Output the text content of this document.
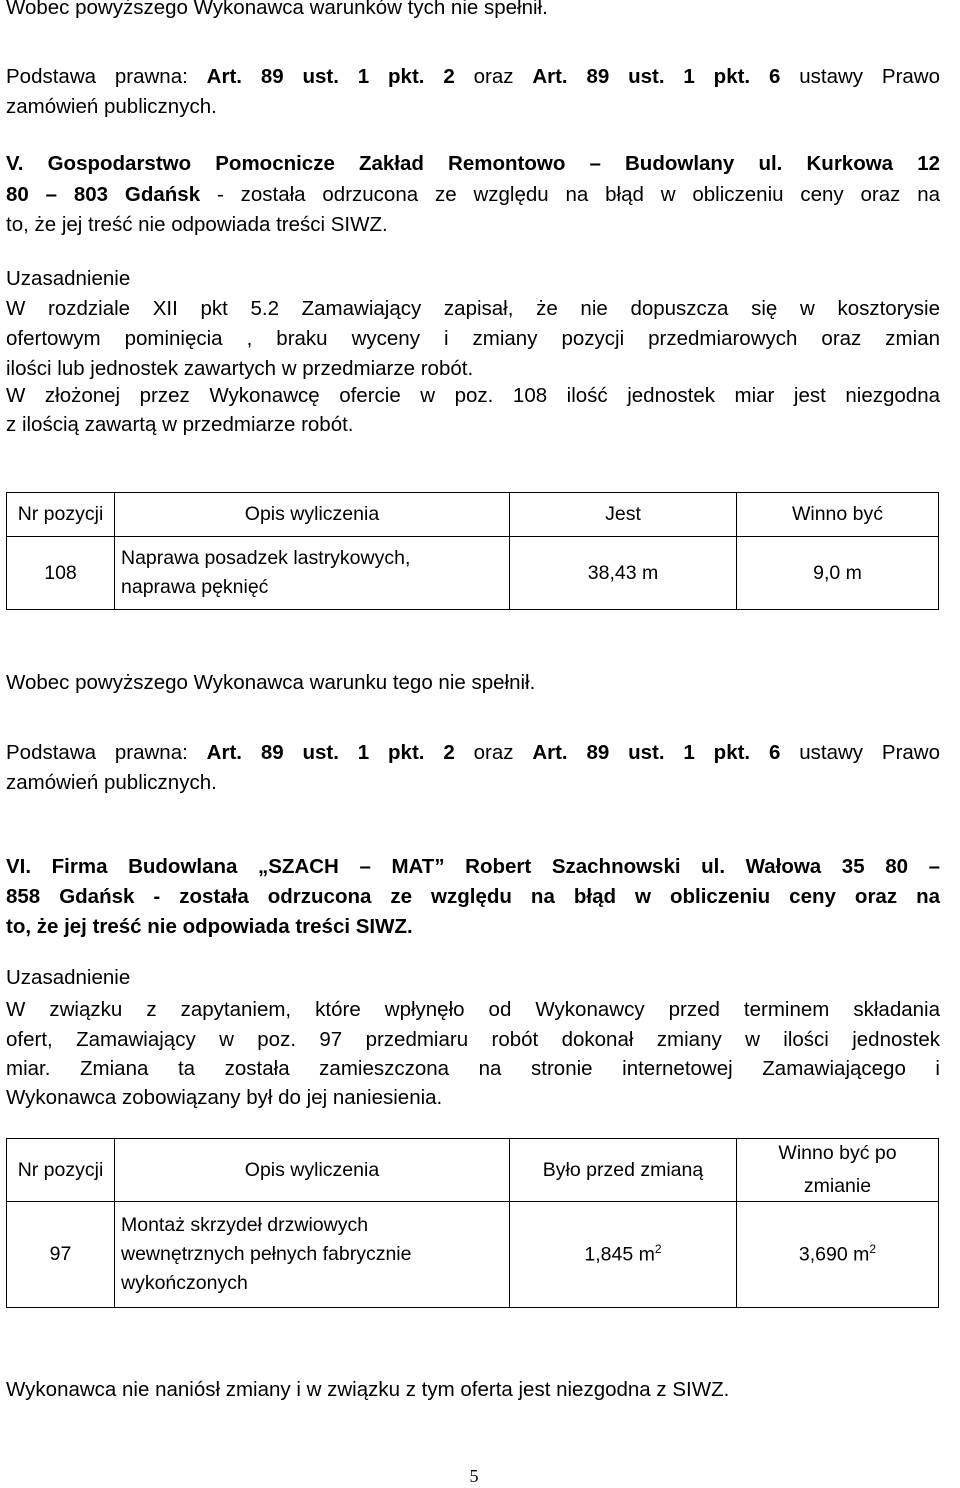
Wobec powyższego Wykonawca warunków tych nie spełnił.
Podstawa prawna: Art. 89 ust. 1 pkt. 2 oraz Art. 89 ust. 1 pkt. 6 ustawy Prawo
zamówień publicznych.
V. Gospodarstwo Pomocnicze Zakład Remontowo – Budowlany ul. Kurkowa 12
80 – 803 Gdańsk - została odrzucona ze względu na błąd w obliczeniu ceny oraz na
to, że jej treść nie odpowiada treści SIWZ.
Uzasadnienie
W rozdziale XII pkt 5.2 Zamawiający zapisał, że nie dopuszcza się w kosztorysie
ofertowym pominięcia , braku wyceny i zmiany pozycji przedmiarowych oraz zmian
ilości lub jednostek zawartych w przedmiarze robót.
W złożonej przez Wykonawcę ofercie w poz. 108 ilość jednostek miar jest niezgodna
z ilością zawartą w przedmiarze robót.
Nr pozycji	Opis wyliczenia	Jest	Winno być
108	Naprawa posadzek lastrykowych,
naprawa pęknięć	38,43 m	9,0 m
Wobec powyższego Wykonawca warunku tego nie spełnił.
Podstawa prawna: Art. 89 ust. 1 pkt. 2 oraz Art. 89 ust. 1 pkt. 6 ustawy Prawo
zamówień publicznych.
VI. Firma Budowlana „SZACH – MAT” Robert Szachnowski ul. Wałowa 35 80 –
858 Gdańsk - została odrzucona ze względu na błąd w obliczeniu ceny oraz na
to, że jej treść nie odpowiada treści SIWZ.
Uzasadnienie
W związku z zapytaniem, które wpłynęło od Wykonawcy przed terminem składania
ofert, Zamawiający w poz. 97 przedmiaru robót dokonał zmiany w ilości jednostek
miar. Zmiana ta została zamieszczona na stronie internetowej Zamawiającego i
Wykonawca zobowiązany był do jej naniesienia.
Nr pozycji	Opis wyliczenia	Było przed zmianą	Winno być po
zmianie

97	Montaż skrzydeł drzwiowych
wewnętrznych pełnych fabrycznie
wykończonych	1,845 $m^2$	3,690 $m^2$
Wykonawca nie naniósł zmiany i w związku z tym oferta jest niezgodna z SIWZ.
5
